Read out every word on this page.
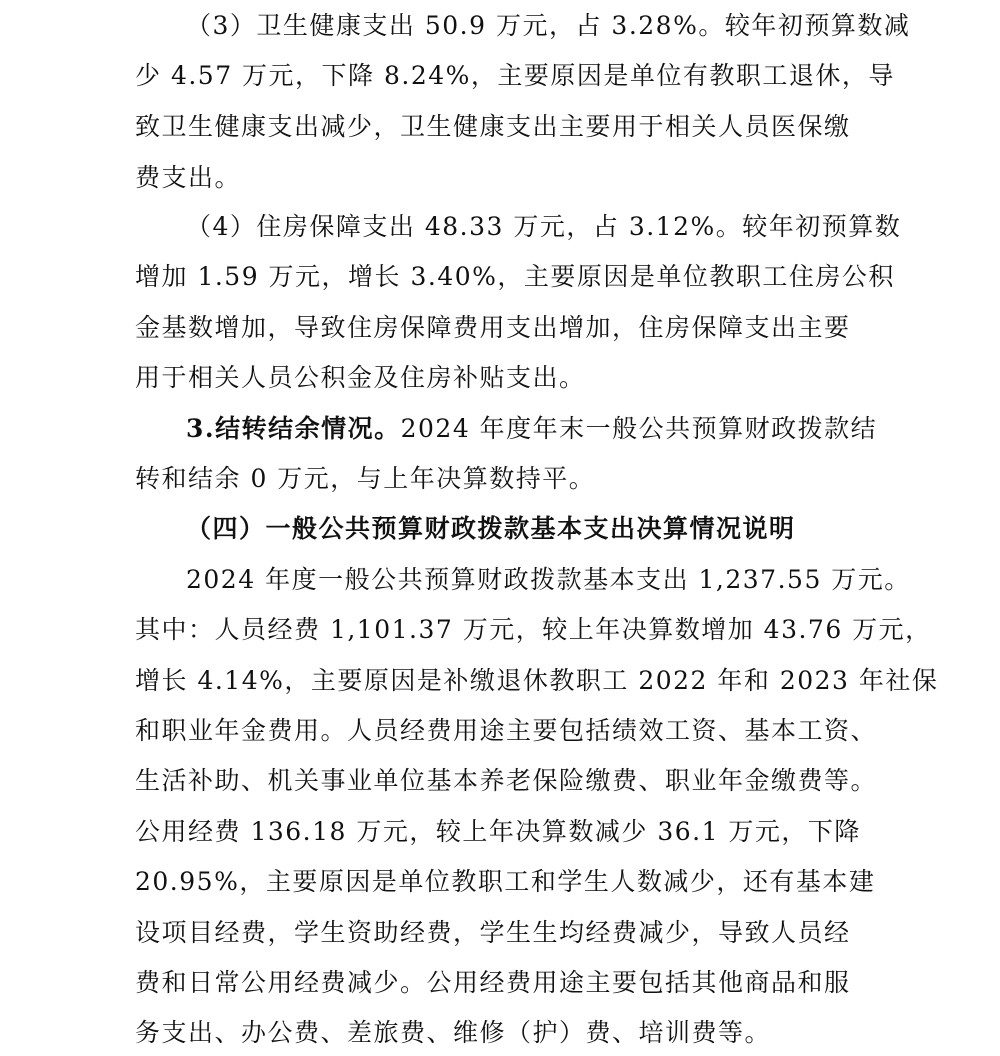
（3）卫生健康支出 50.9 万元，占 3.28%。较年初预算数减
少 4.57 万元，下降 8.24%，主要原因是单位有教职工退休，导
致卫生健康支出减少，卫生健康支出主要用于相关人员医保缴
费支出。
（4）住房保障支出 48.33 万元，占 3.12%。较年初预算数
增加 1.59 万元，增长 3.40%，主要原因是单位教职工住房公积
金基数增加，导致住房保障费用支出增加，住房保障支出主要
用于相关人员公积金及住房补贴支出。
3.结转结余情况。2024 年度年末一般公共预算财政拨款结
转和结余 0 万元，与上年决算数持平。
（四）一般公共预算财政拨款基本支出决算情况说明
2024 年度一般公共预算财政拨款基本支出 1,237.55 万元。
其中：人员经费 1,101.37 万元，较上年决算数增加 43.76 万元，
增长 4.14%，主要原因是补缴退休教职工 2022 年和 2023 年社保
和职业年金费用。人员经费用途主要包括绩效工资、基本工资、
生活补助、机关事业单位基本养老保险缴费、职业年金缴费等。
公用经费 136.18 万元，较上年决算数减少 36.1 万元，下降
20.95%，主要原因是单位教职工和学生人数减少，还有基本建
设项目经费，学生资助经费，学生生均经费减少，导致人员经
费和日常公用经费减少。公用经费用途主要包括其他商品和服
务支出、办公费、差旅费、维修（护）费、培训费等。
